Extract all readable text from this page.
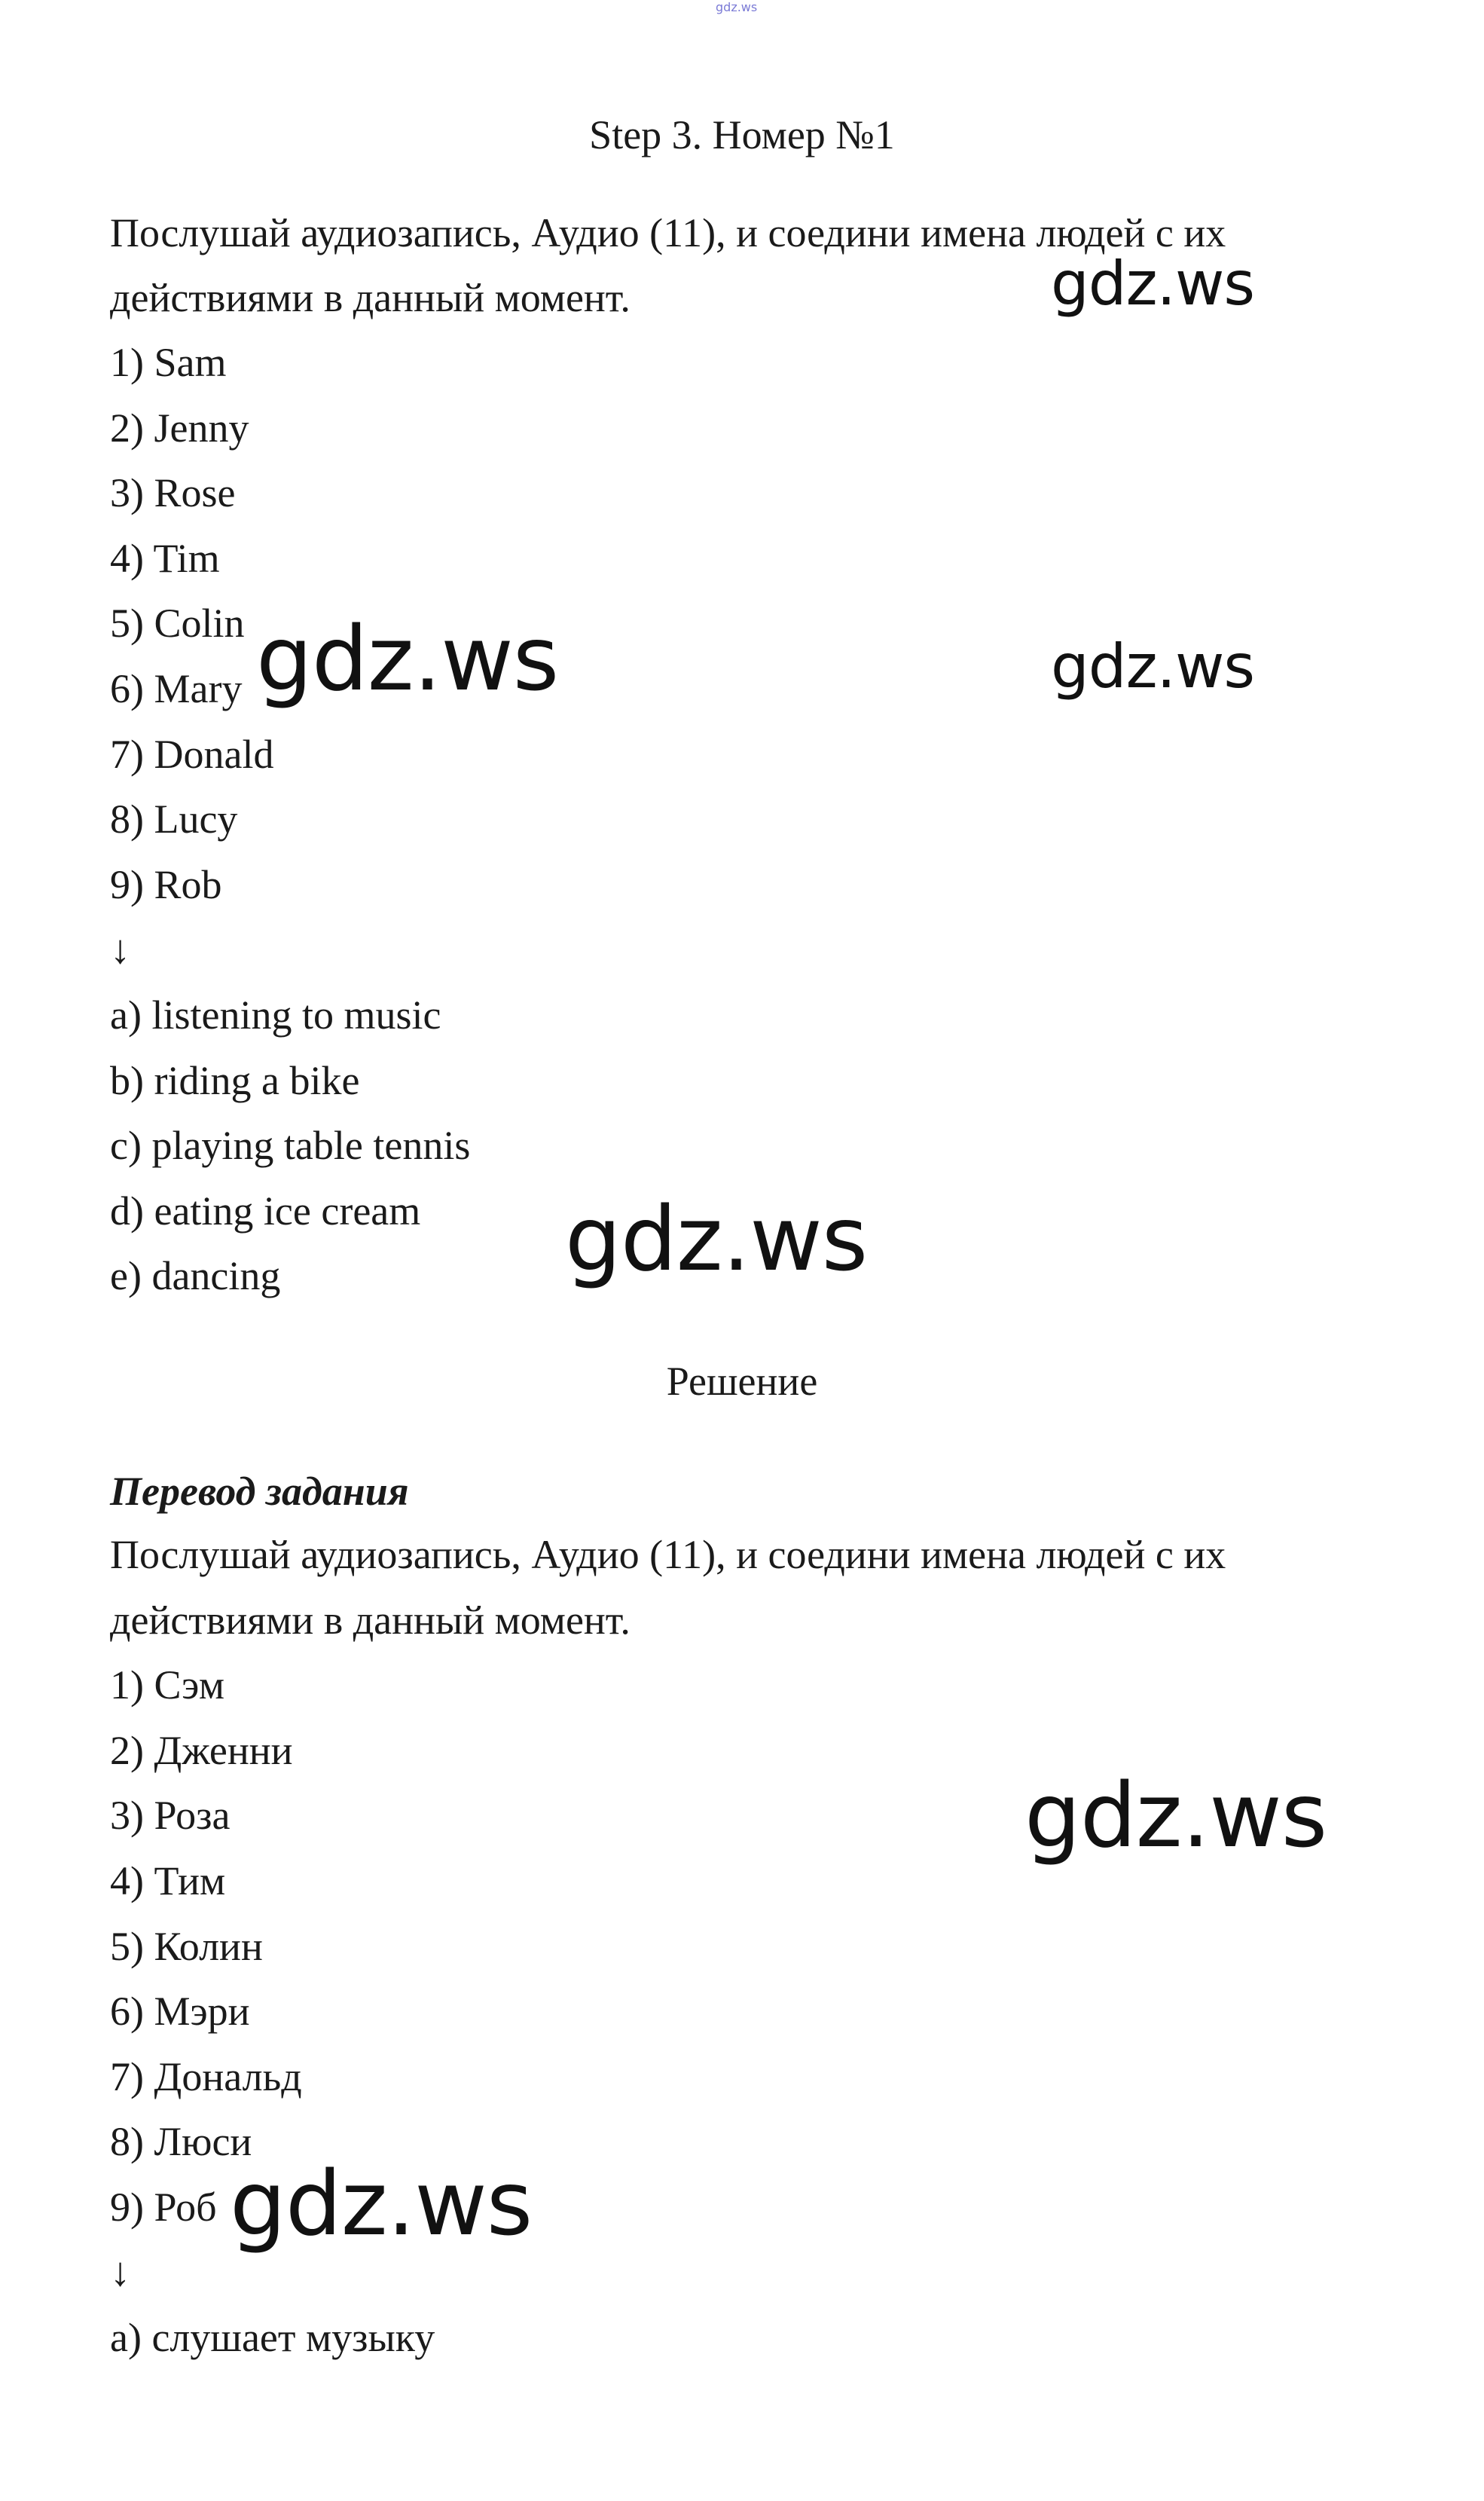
gdz.ws
Step 3. Номер №1
Послушай аудиозапись, Аудио (11), и соедини имена людей с их
действиями в данный момент.
1) Sam
2) Jenny
3) Rose
4) Tim
5) Colin
6) Mary
7) Donald
8) Lucy
9) Rob
↓
a) listening to music
b) riding a bike
c) playing table tennis
d) eating ice cream
e) dancing
Решение
Перевод задания
Послушай аудиозапись, Аудио (11), и соедини имена людей с их
действиями в данный момент.
1) Сэм
2) Дженни
3) Роза
4) Тим
5) Колин
6) Мэри
7) Дональд
8) Люси
9) Роб
↓
а) слушает музыку
gdz.ws
gdz.ws	gdz.ws
gdz.ws
gdz.ws
gdz.ws
